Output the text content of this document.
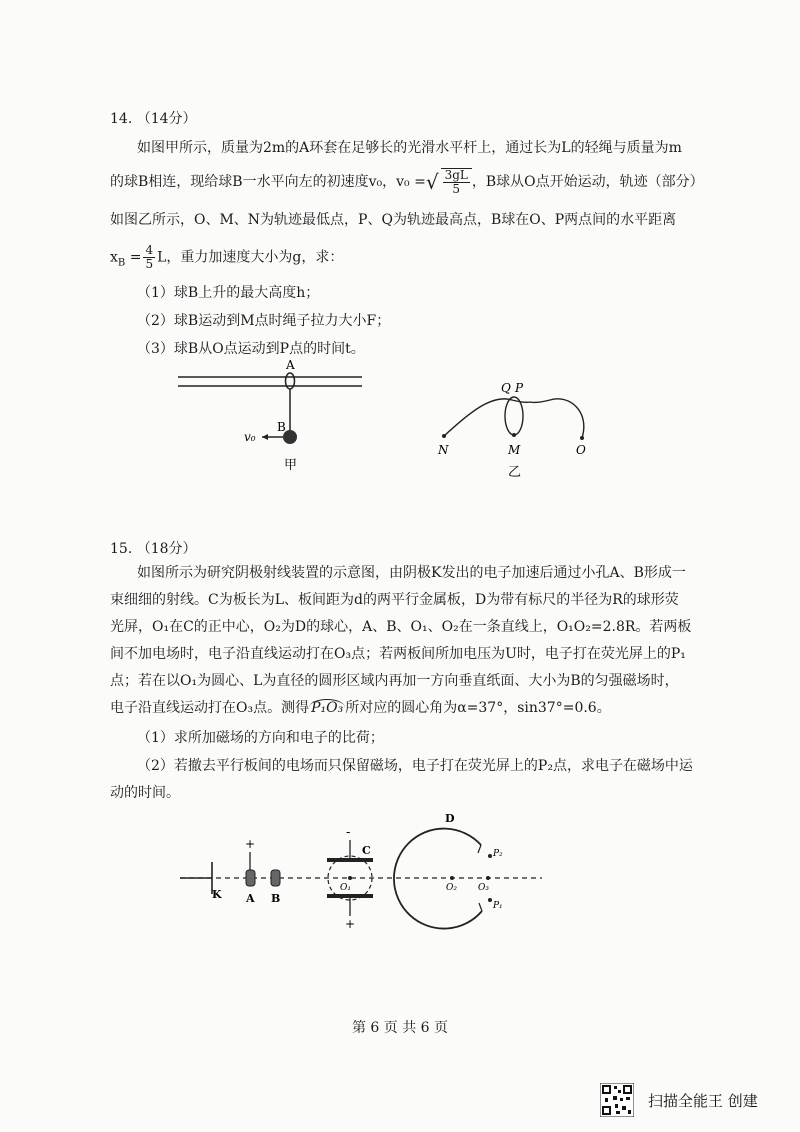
14. （14分）
如图甲所示，质量为2m的A环套在足够长的光滑水平杆上，通过长为L的轻绳与质量为m
的球B相连，现给球B一水平向左的初速度v₀，v₀ =√ $\frac{3gL}{5}$ ，B球从O点开始运动，轨迹（部分）
如图乙所示，O、M、N为轨迹最低点，P、Q为轨迹最高点，B球在O、P两点间的水平距离
$x_B = \frac{4}{5}$ L，重力加速度大小为g，求：
（1）球B上升的最大高度h；
（2）球B运动到M点时绳子拉力大小F；
（3）球B从O点运动到P点的时间t。
A
B
v₀
甲
Q P
N	M	O
乙
15. （18分）
如图所示为研究阴极射线装置的示意图，由阴极K发出的电子加速后通过小孔A、B形成一
束细细的射线。C为板长为L、板间距为d的两平行金属板，D为带有标尺的半径为R的球形荧
光屏，O₁在C的正中心，O₂为D的球心，A、B、O₁、O₂在一条直线上，O₁O₂=2.8R。若两板
间不加电场时，电子沿直线运动打在O₃点；若两板间所加电压为U时，电子打在荧光屏上的P₁
点；若在以O₁为圆心、L为直径的圆形区域内再加一方向垂直纸面、大小为B的匀强磁场时，
电子沿直线运动打在O₃点。测得 P₁O₃ 所对应的圆心角为α=37°，sin37°=0.6。
（1）求所加磁场的方向和电子的比荷；
（2）若撤去平行板间的电场而只保留磁场，电子打在荧光屏上的P₂点，求电子在磁场中运
动的时间。
K
+
A B
-
+
C
O₁
D
O₂ O₃
P₂
P₁
第 6 页 共 6 页
扫描全能王 创建
